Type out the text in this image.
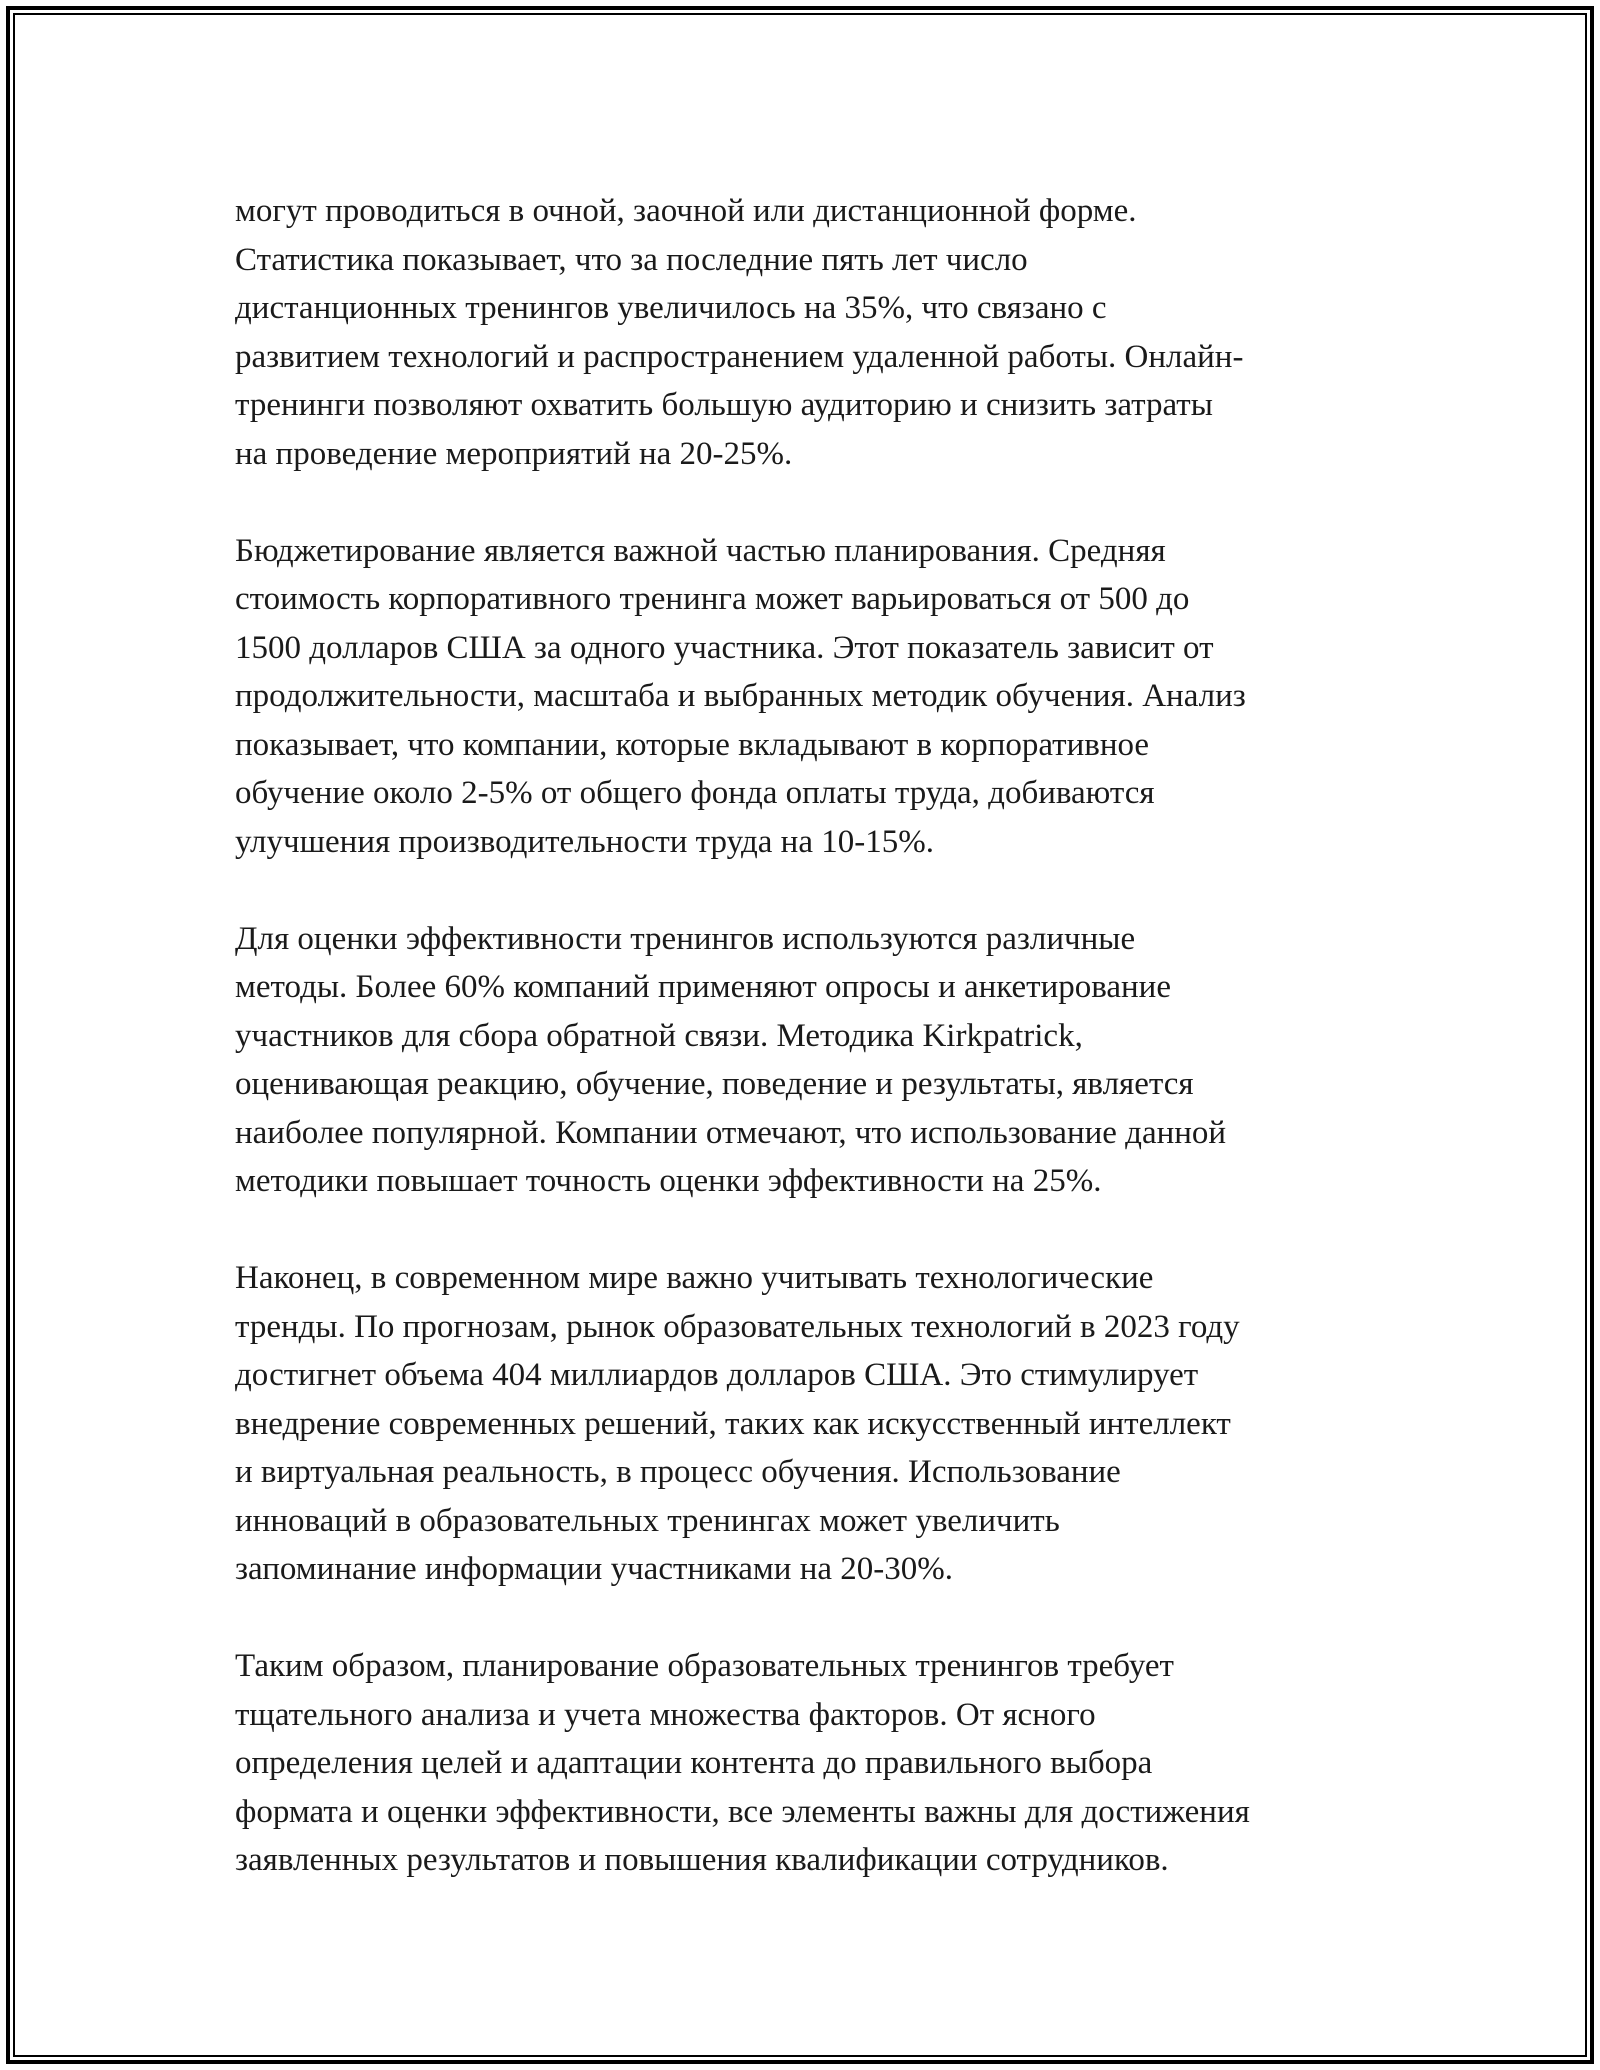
могут проводиться в очной, заочной или дистанционной форме.
Статистика показывает, что за последние пять лет число
дистанционных тренингов увеличилось на 35%, что связано с
развитием технологий и распространением удаленной работы. Онлайн-
тренинги позволяют охватить большую аудиторию и снизить затраты
на проведение мероприятий на 20-25%.

Бюджетирование является важной частью планирования. Средняя
стоимость корпоративного тренинга может варьироваться от 500 до
1500 долларов США за одного участника. Этот показатель зависит от
продолжительности, масштаба и выбранных методик обучения. Анализ
показывает, что компании, которые вкладывают в корпоративное
обучение около 2-5% от общего фонда оплаты труда, добиваются
улучшения производительности труда на 10-15%.

Для оценки эффективности тренингов используются различные
методы. Более 60% компаний применяют опросы и анкетирование
участников для сбора обратной связи. Методика Kirkpatrick,
оценивающая реакцию, обучение, поведение и результаты, является
наиболее популярной. Компании отмечают, что использование данной
методики повышает точность оценки эффективности на 25%.

Наконец, в современном мире важно учитывать технологические
тренды. По прогнозам, рынок образовательных технологий в 2023 году
достигнет объема 404 миллиардов долларов США. Это стимулирует
внедрение современных решений, таких как искусственный интеллект
и виртуальная реальность, в процесс обучения. Использование
инноваций в образовательных тренингах может увеличить
запоминание информации участниками на 20-30%.

Таким образом, планирование образовательных тренингов требует
тщательного анализа и учета множества факторов. От ясного
определения целей и адаптации контента до правильного выбора
формата и оценки эффективности, все элементы важны для достижения
заявленных результатов и повышения квалификации сотрудников.
